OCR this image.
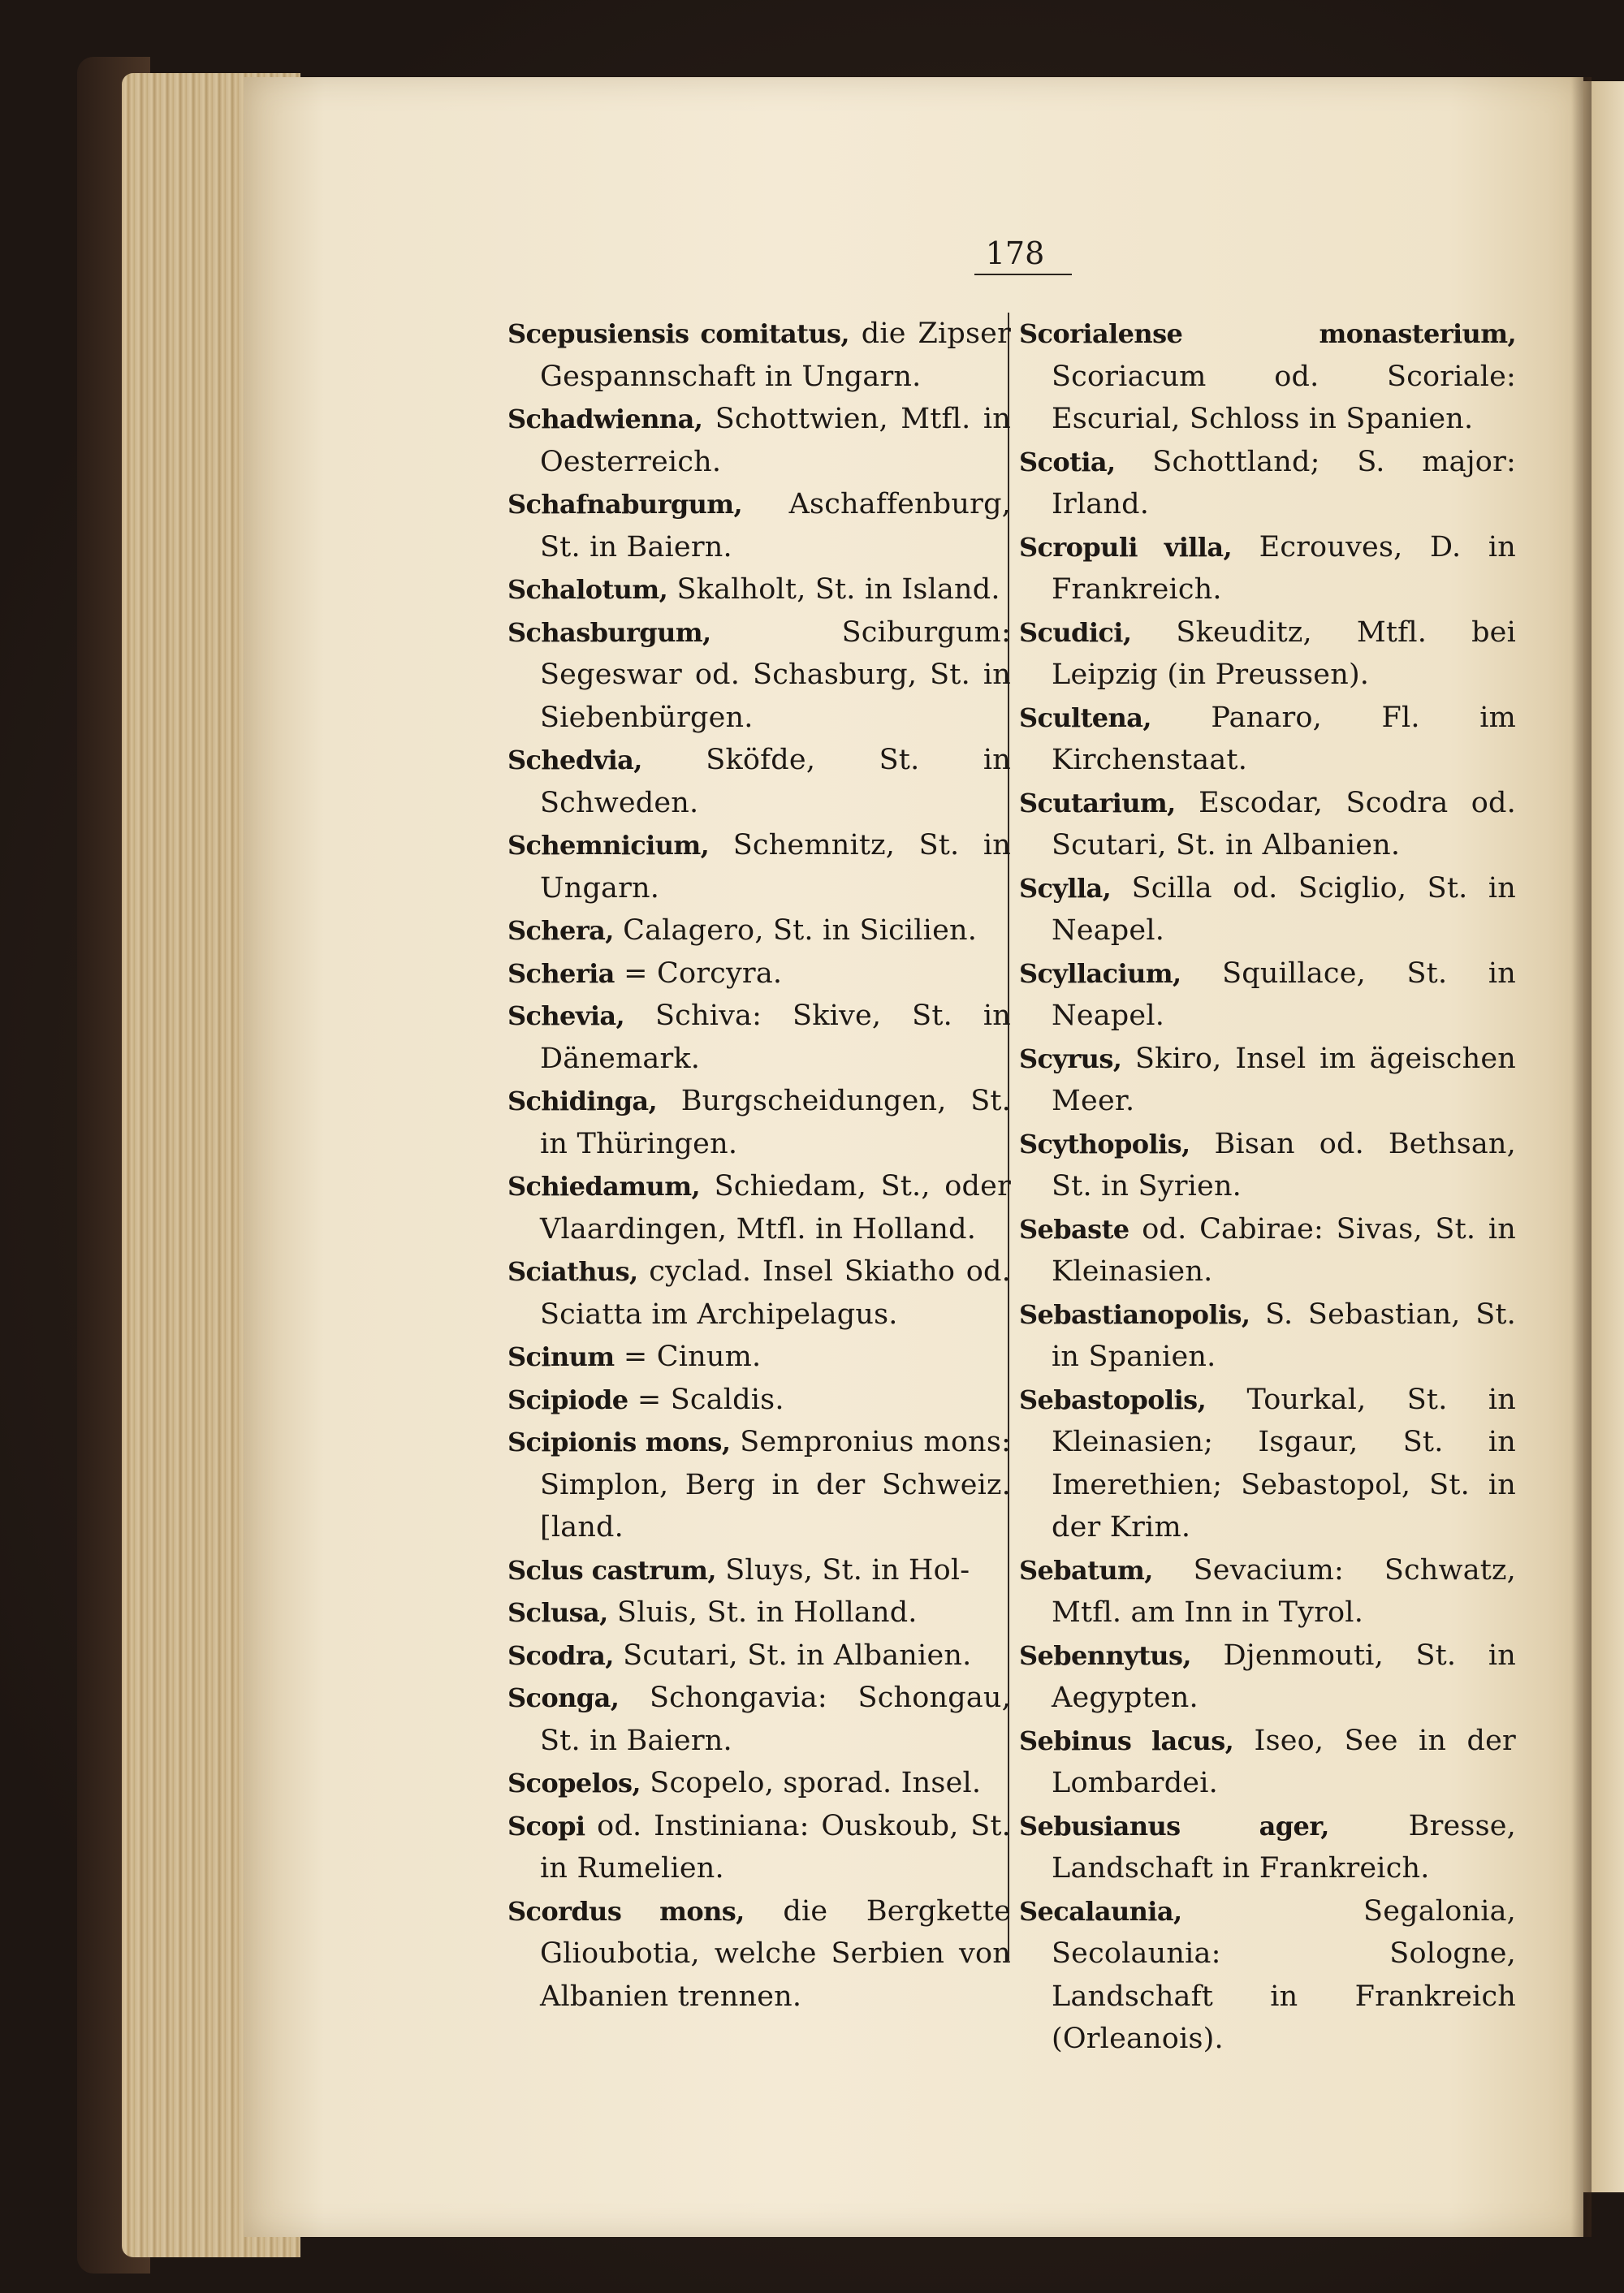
178

Scepusiensis comitatus, die Zipser Gespannschaft in Ungarn.

Schadwienna, Schottwien, Mtfl. in Oesterreich.

Schafnaburgum, Aschaffenburg, St. in Baiern.

Schalotum, Skalholt, St. in Island.

Schasburgum, Sciburgum: Segeswar od. Schasburg, St. in Siebenbürgen.

Schedvia, Sköfde, St. in Schweden.

Schemnicium, Schemnitz, St. in Ungarn.

Schera, Calagero, St. in Sicilien.

Scheria = Corcyra.

Schevia, Schiva: Skive, St. in Dänemark.

Schidinga, Burgscheidungen, St. in Thüringen.

Schiedamum, Schiedam, St., oder Vlaardingen, Mtfl. in Holland.

Sciathus, cyclad. Insel Skiatho od. Sciatta im Archipelagus.

Scinum = Cinum.

Scipiode = Scaldis.

Scipionis mons, Sempronius mons: Simplon, Berg in der Schweiz. [land.

Sclus castrum, Sluys, St. in Hol-

Sclusa, Sluis, St. in Holland.

Scodra, Scutari, St. in Albanien.

Sconga, Schongavia: Schongau, St. in Baiern.

Scopelos, Scopelo, sporad. Insel.

Scopi od. Instiniana: Ouskoub, St. in Rumelien.

Scordus mons, die Bergkette Glioubotia, welche Serbien von Albanien trennen.

Scorialense monasterium, Scoriacum od. Scoriale: Escurial, Schloss in Spanien.

Scotia, Schottland; S. major: Irland.

Scropuli villa, Ecrouves, D. in Frankreich.

Scudici, Skeuditz, Mtfl. bei Leipzig (in Preussen).

Scultena, Panaro, Fl. im Kirchenstaat.

Scutarium, Escodar, Scodra od. Scutari, St. in Albanien.

Scylla, Scilla od. Sciglio, St. in Neapel.

Scyllacium, Squillace, St. in Neapel.

Scyrus, Skiro, Insel im ägeischen Meer.

Scythopolis, Bisan od. Bethsan, St. in Syrien.

Sebaste od. Cabirae: Sivas, St. in Kleinasien.

Sebastianopolis, S. Sebastian, St. in Spanien.

Sebastopolis, Tourkal, St. in Kleinasien; Isgaur, St. in Imerethien; Sebastopol, St. in der Krim.

Sebatum, Sevacium: Schwatz, Mtfl. am Inn in Tyrol.

Sebennytus, Djenmouti, St. in Aegypten.

Sebinus lacus, Iseo, See in der Lombardei.

Sebusianus ager, Bresse, Landschaft in Frankreich.

Secalaunia, Segalonia, Secolaunia: Sologne, Landschaft in Frankreich (Orleanois).
